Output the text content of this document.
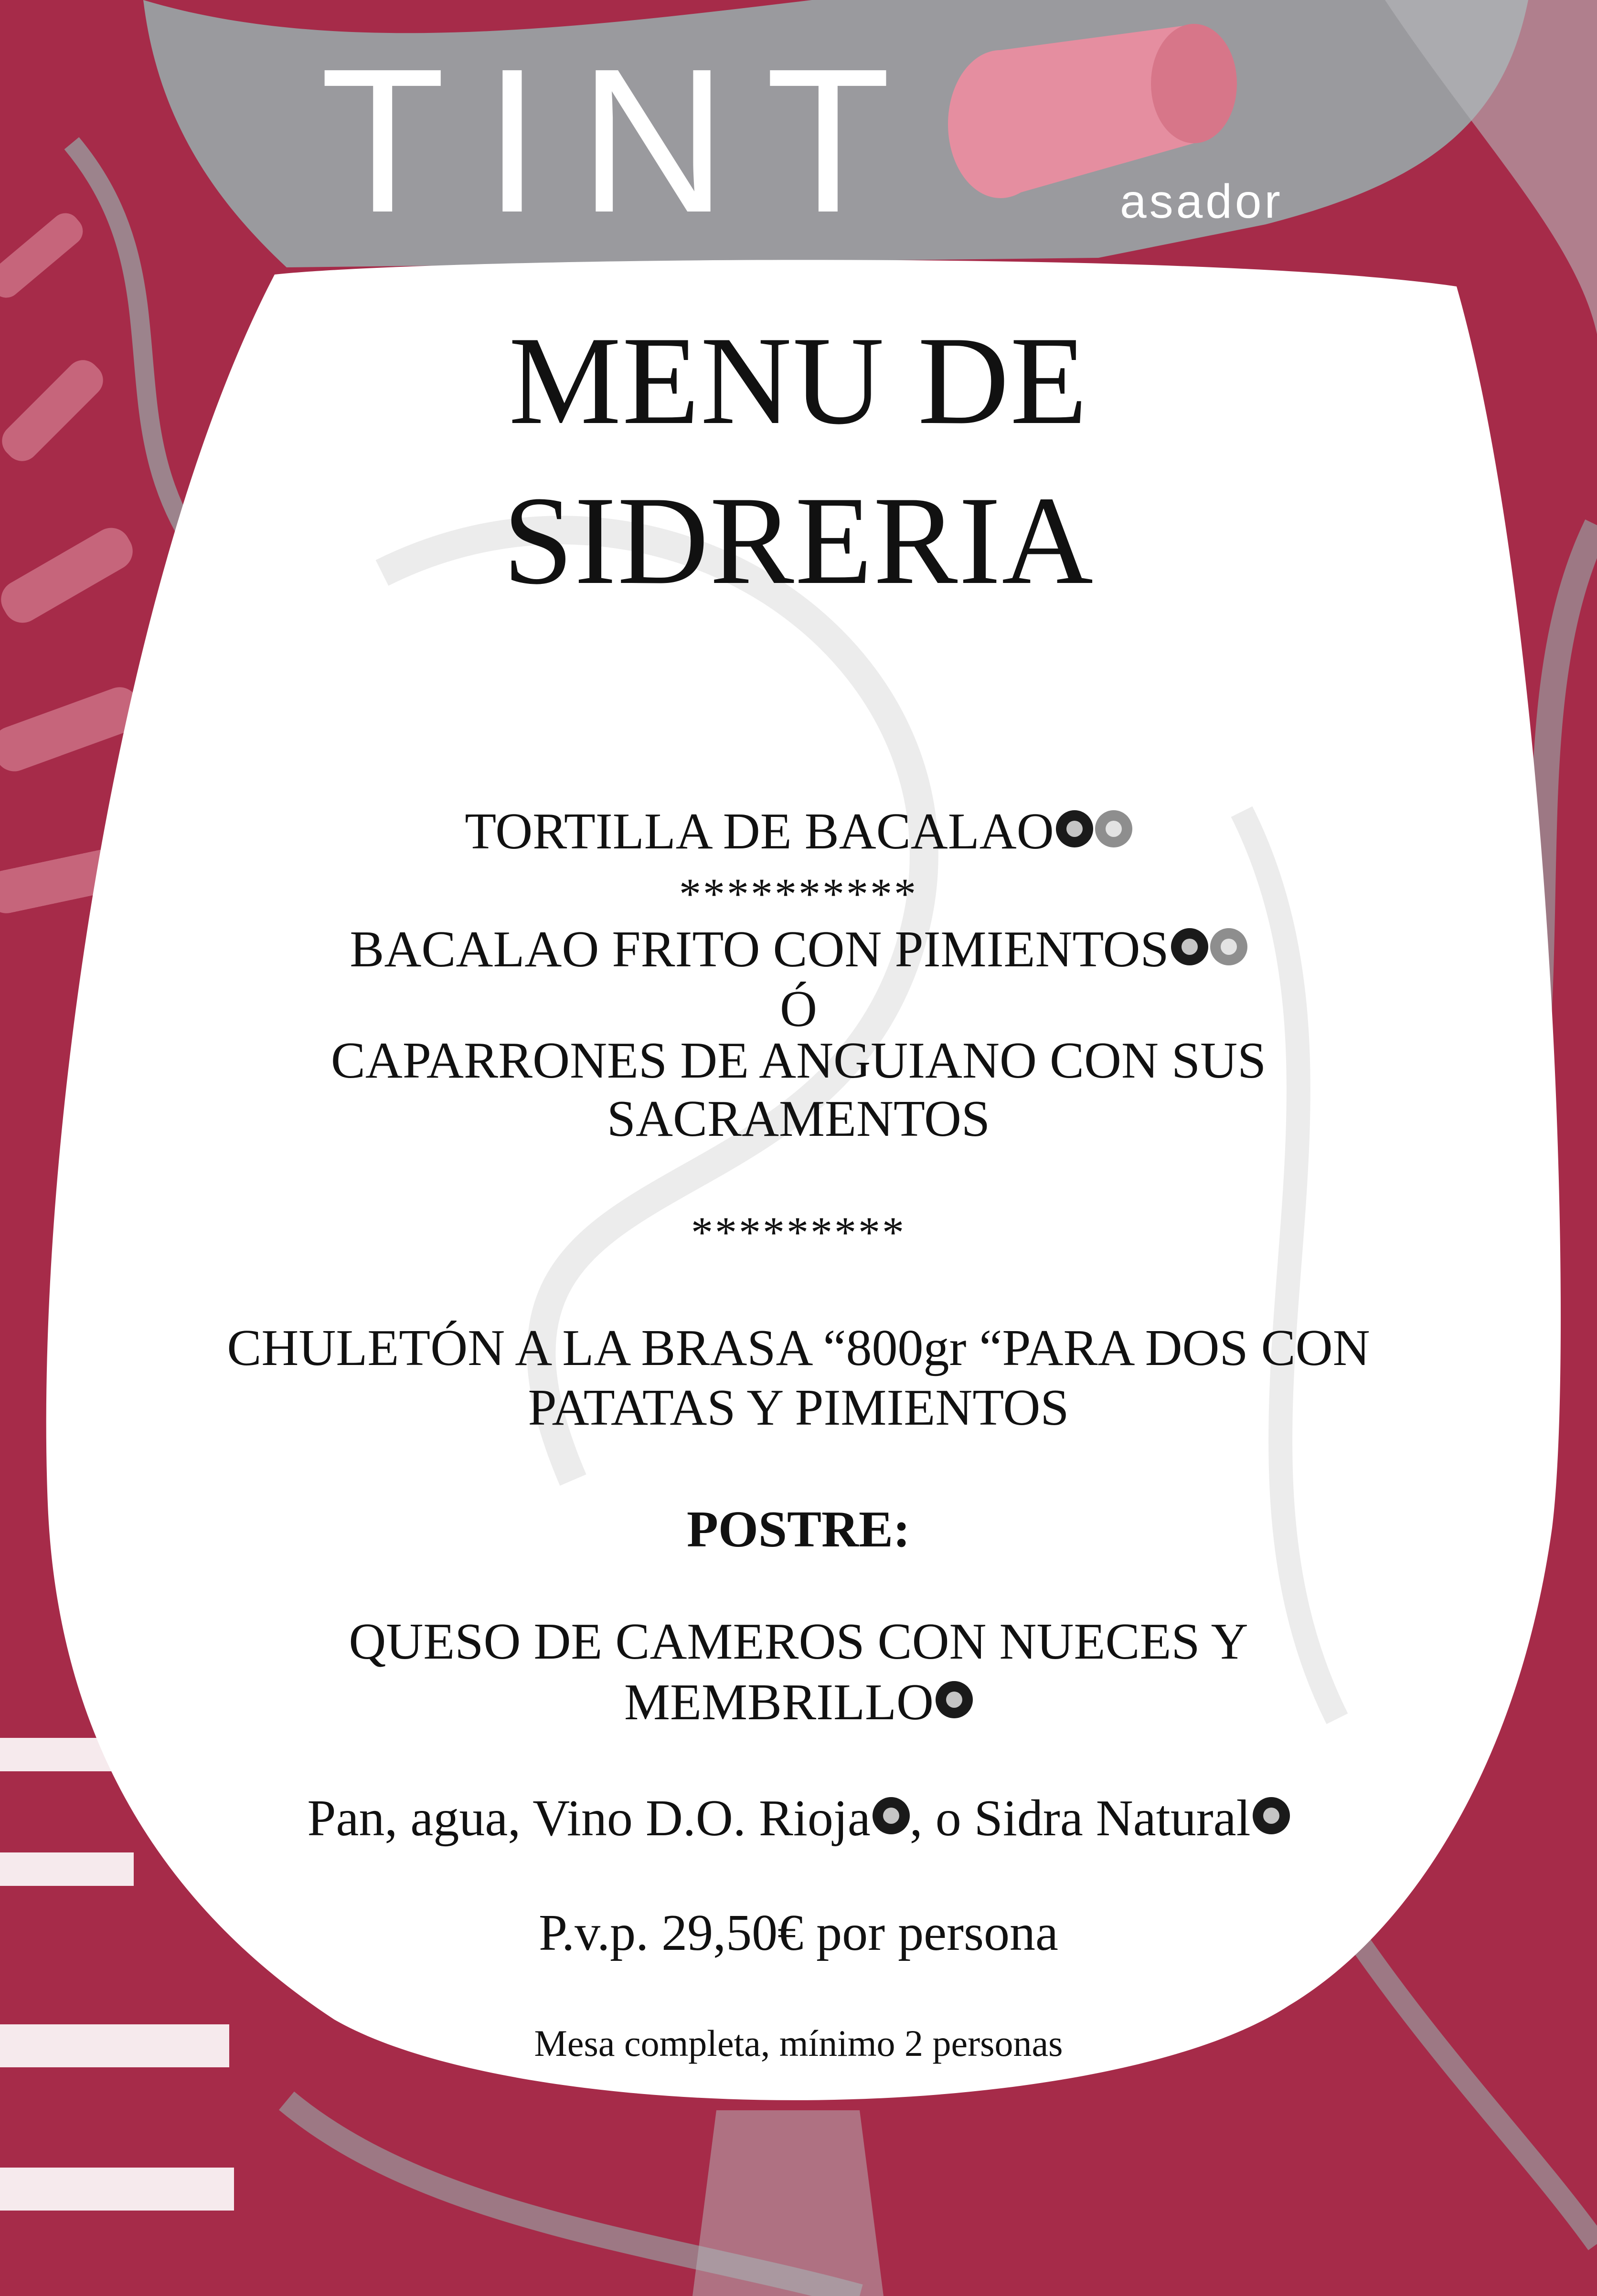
TINT	asador
MENU DE
SIDRERIA
TORTILLA DE BACALAO
**********
BACALAO FRITO CON PIMIENTOS
Ó
CAPARRONES DE ANGUIANO CON SUS
SACRAMENTOS
*********
CHULETÓN A LA BRASA “800gr “PARA DOS CON
PATATAS Y PIMIENTOS
POSTRE:
QUESO DE CAMEROS CON NUECES Y
MEMBRILLO
Pan, agua, Vino D.O. Rioja , o Sidra Natural
P.v.p. 29,50€ por persona
Mesa completa, mínimo 2 personas
